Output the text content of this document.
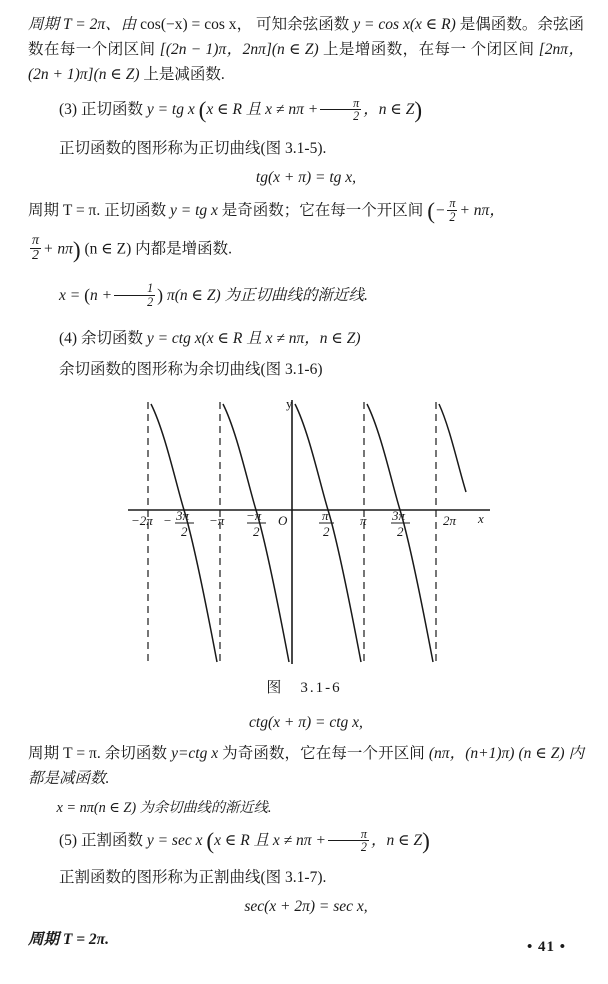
周期 T = 2π、由 cos(−x) = cos x， 可知余弦函数 y = cos x(x ∈ R) 是偶函数。余弦函数在每一个闭区间 [(2n − 1)π，2nπ](n ∈ Z) 上是增函数，在每一 个闭区间 [2nπ，(2n + 1)π](n ∈ Z) 上是减函数.

(3) 正切函数 y = tg x (x ∈ R 且 $x \ne n\pi + \frac{\pi}{2}$ ，n ∈ Z)

正切函数的图形称为正切曲线(图 3.1-5).

tg(x + π) = tg x,

周期 T = π. 正切函数 y = tg x 是奇函数；它在每一个开区间 (− $\frac{\pi}{2} + n\pi$，

$\frac{\pi}{2} + n\pi$) (n ∈ Z) 内都是增函数.

$x = (n + \frac{1}{2}$ ) π(n ∈ Z) 为正切曲线的渐近线.

(4) 余切函数 y = ctg x(x ∈ R 且 x ≠ nπ，n ∈ Z)

余切函数的图形称为余切曲线(图 3.1-6)

y
x
O
−2π 3π
2
−π −π
2
π
2
π 3π
2
2π
−
图　3.1-6

ctg(x + π) = ctg x,

周期 T = π. 余切函数 y=ctg x 为奇函数，它在每一个开区间 (nπ，(n+1)π) (n ∈ Z) 内都是减函数.

x = nπ(n ∈ Z) 为余切曲线的渐近线.

(5) 正割函数 y = sec x (x ∈ R 且 $x \ne n\pi + \frac{\pi}{2}$ ，n ∈ Z)

正割函数的图形称为正割曲线(图 3.1-7).

sec(x + 2π) = sec x,

周期 T = 2π.	• 41 •
